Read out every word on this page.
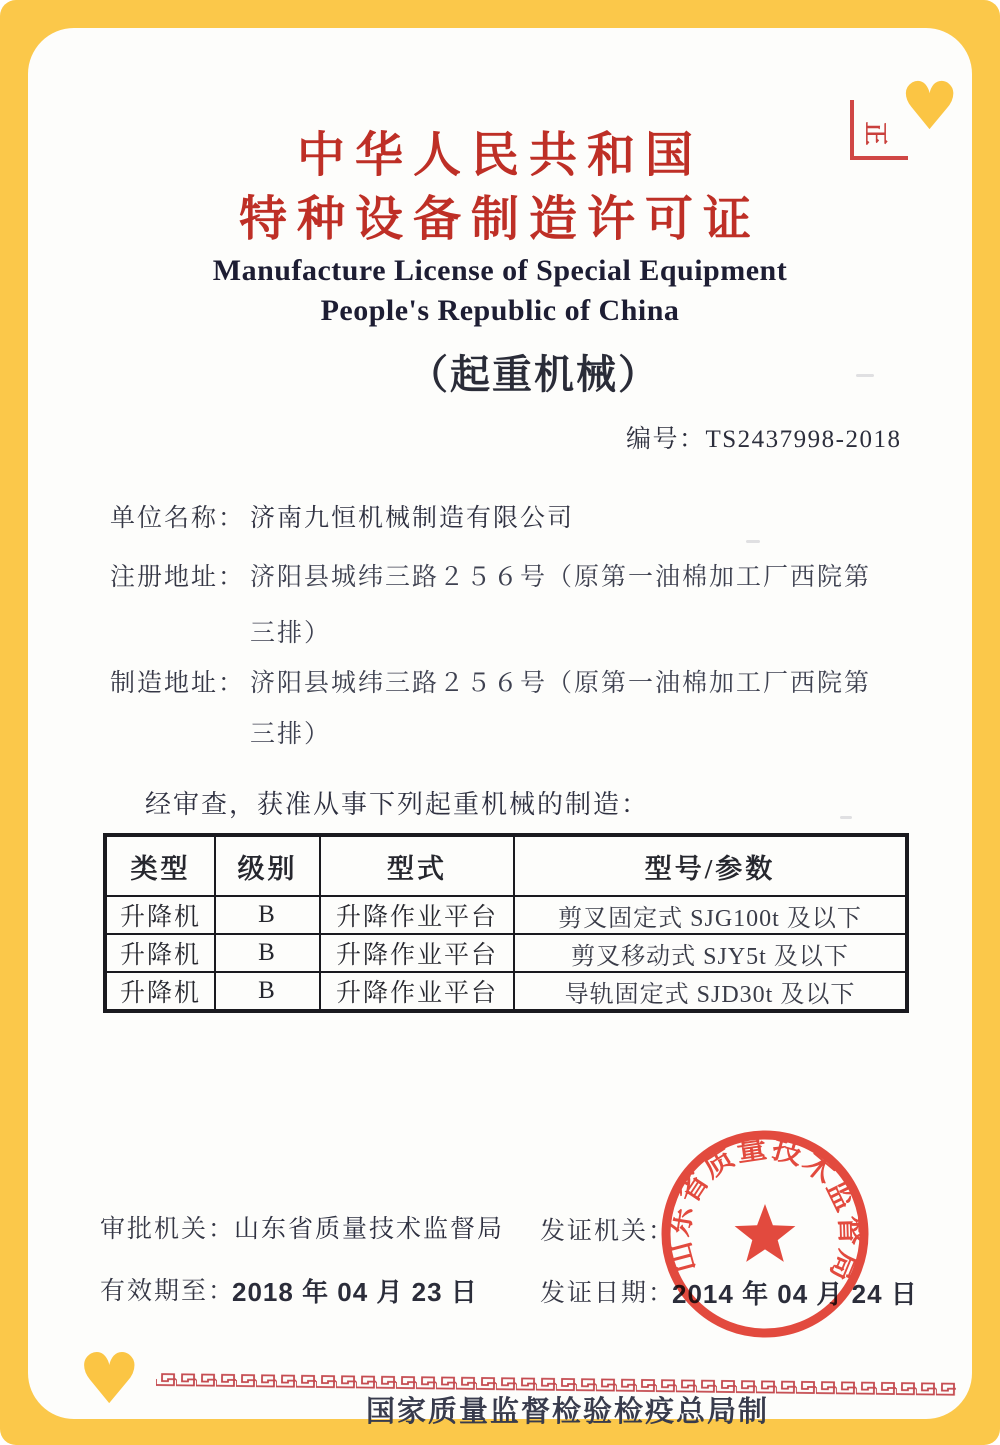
正 ♥
♥
中华人民共和国
特种设备制造许可证
Manufacture License of Special Equipment
People's Republic of China
（起重机械）
编号：TS2437998-2018
单位名称： 济南九恒机械制造有限公司
注册地址： 济阳县城纬三路２５６号（原第一油棉加工厂西院第
三排）
制造地址： 济阳县城纬三路２５６号（原第一油棉加工厂西院第
三排）
经审查，获准从事下列起重机械的制造：
类型	级别	型式	型号/参数
升降机	B	升降作业平台	剪叉固定式 SJG100t 及以下
升降机	B	升降作业平台	剪叉移动式 SJY5t 及以下
升降机	B	升降作业平台	导轨固定式 SJD30t 及以下
审批机关：
山东省质量技术监督局 发证机关：
有效期至：
2018 年 04 月 23 日 发证日期：
2014 年 04 月 24 日
山东省质量技术监督局
国家质量监督检验检疫总局制
